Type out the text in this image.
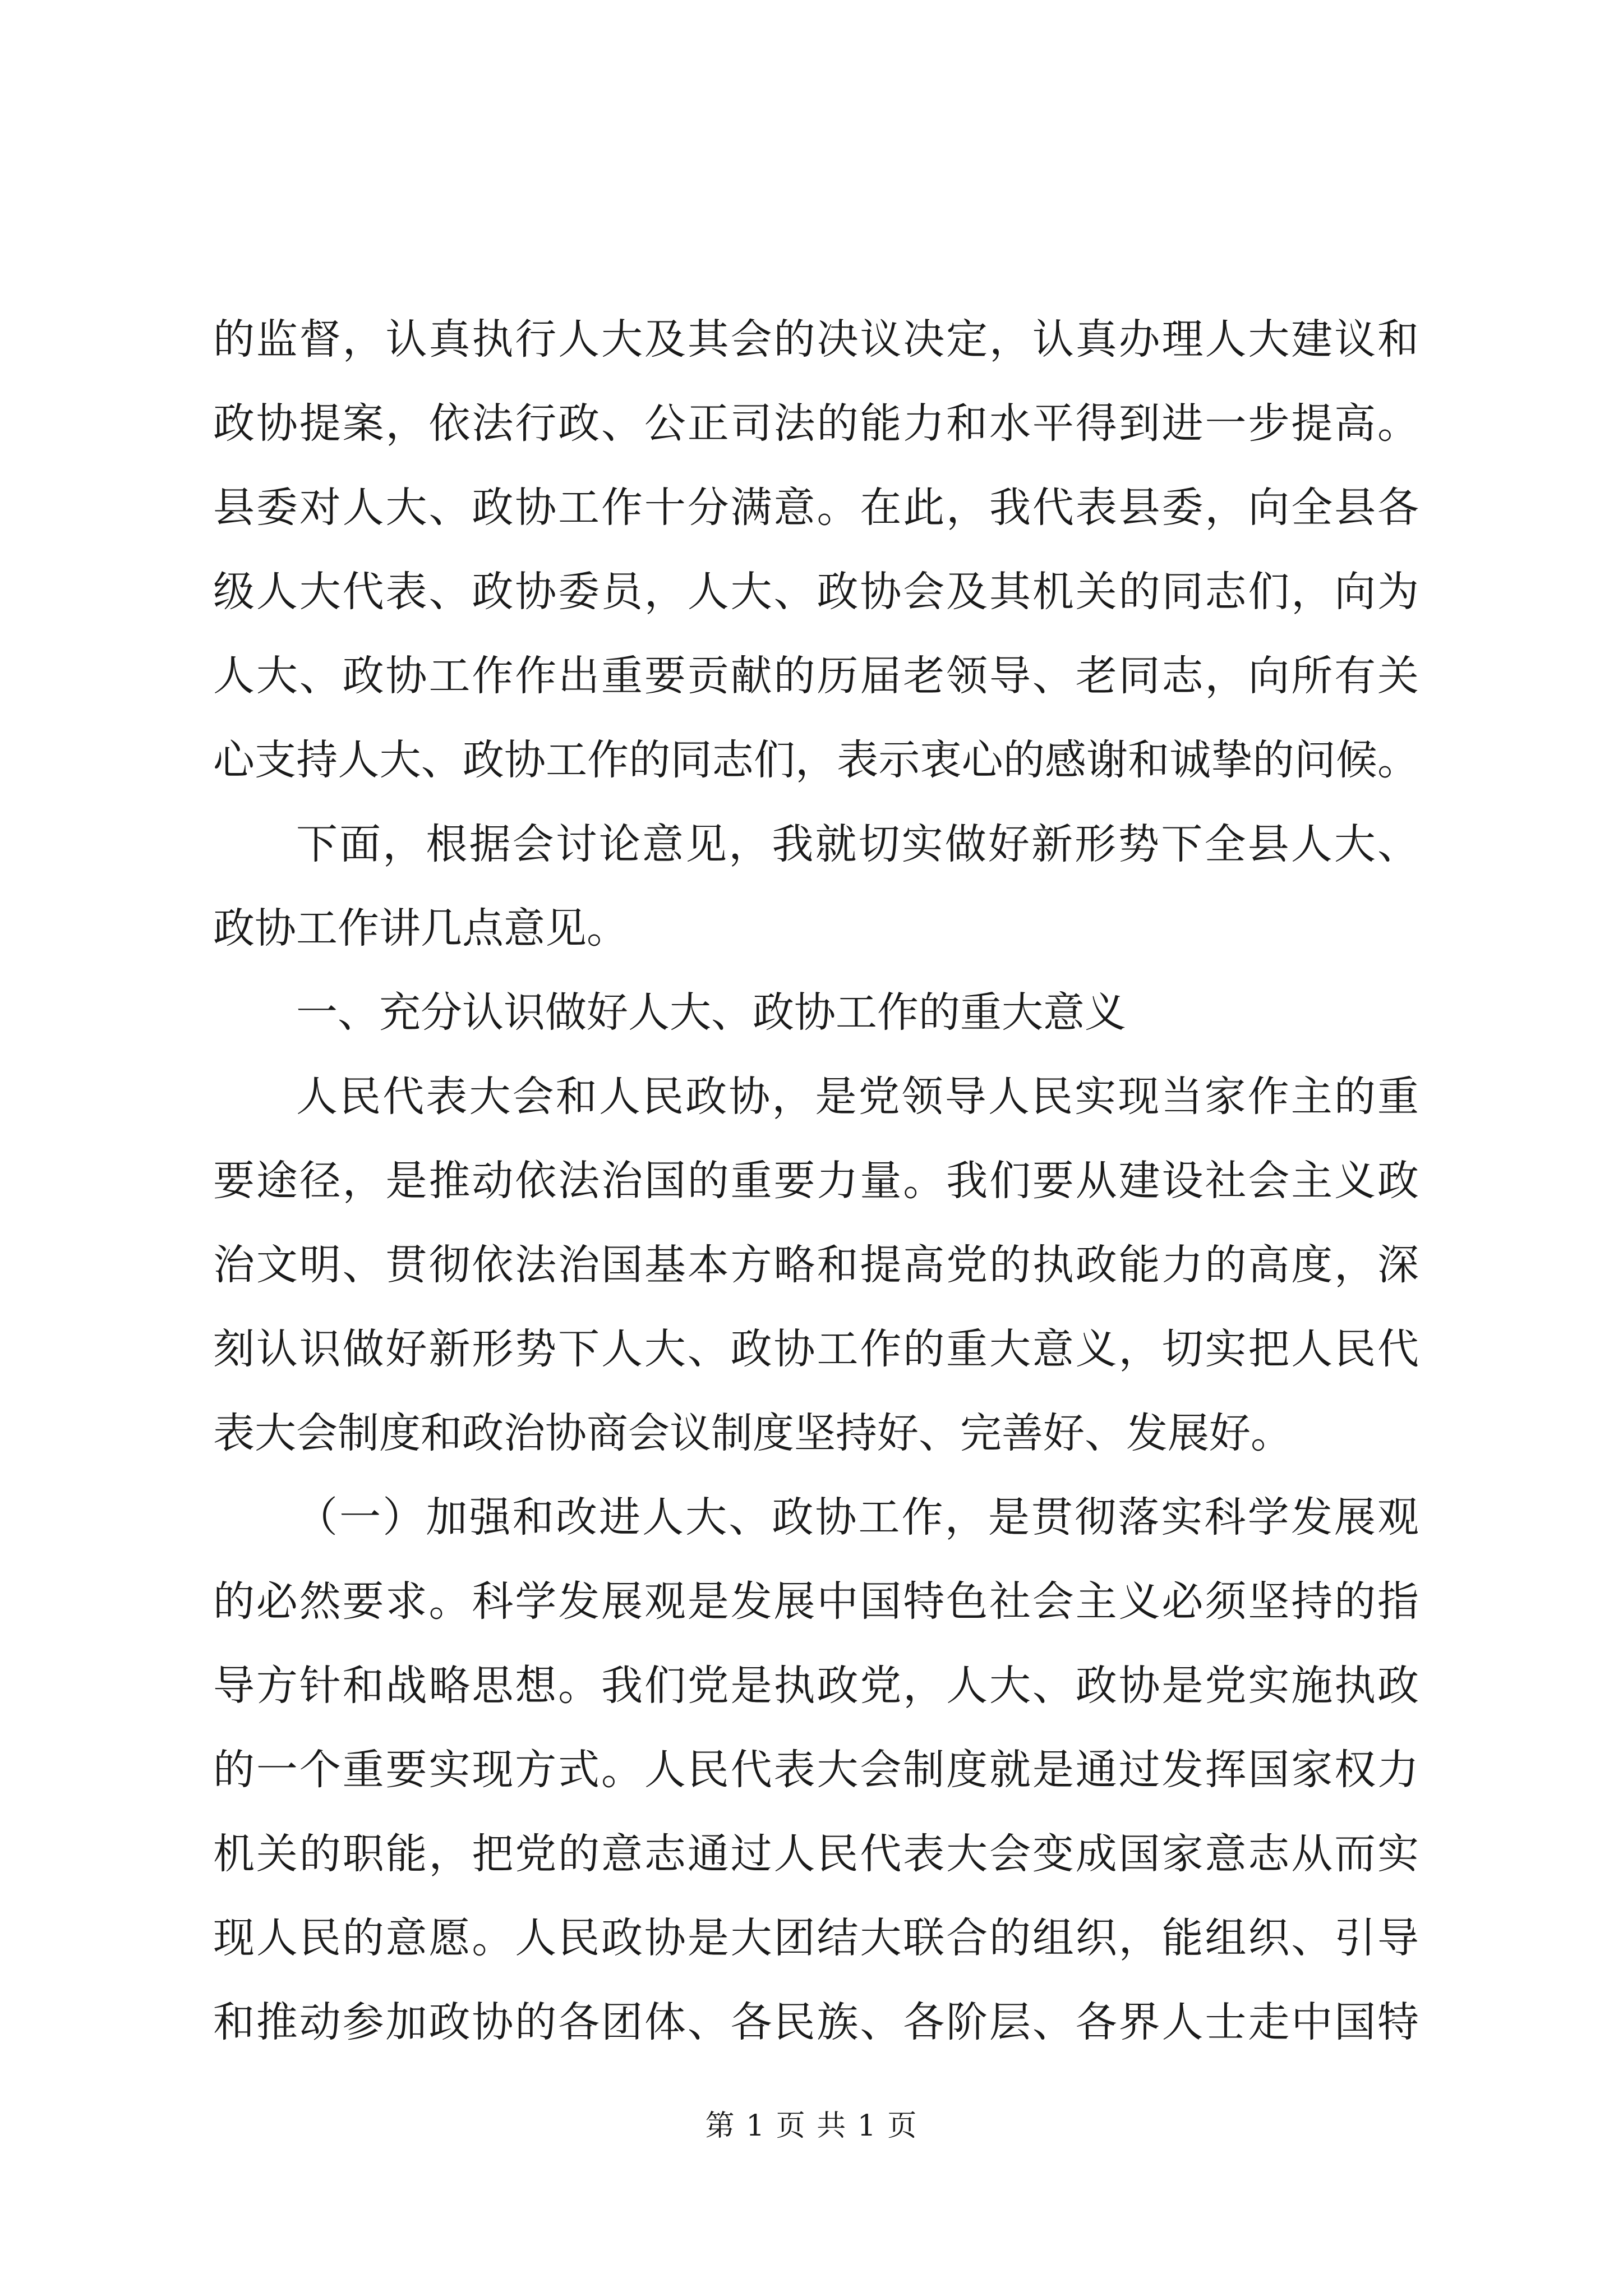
的监督，认真执行人大及其会的决议决定，认真办理人大建议和
政协提案，依法行政、公正司法的能力和水平得到进一步提高。
县委对人大、政协工作十分满意。在此，我代表县委，向全县各
级人大代表、政协委员，人大、政协会及其机关的同志们，向为
人大、政协工作作出重要贡献的历届老领导、老同志，向所有关
心支持人大、政协工作的同志们，表示衷心的感谢和诚挚的问候。
下面，根据会讨论意见，我就切实做好新形势下全县人大、
政协工作讲几点意见。
一、充分认识做好人大、政协工作的重大意义
人民代表大会和人民政协，是党领导人民实现当家作主的重
要途径，是推动依法治国的重要力量。我们要从建设社会主义政
治文明、贯彻依法治国基本方略和提高党的执政能力的高度，深
刻认识做好新形势下人大、政协工作的重大意义，切实把人民代
表大会制度和政治协商会议制度坚持好、完善好、发展好。
（一）加强和改进人大、政协工作，是贯彻落实科学发展观
的必然要求。科学发展观是发展中国特色社会主义必须坚持的指
导方针和战略思想。我们党是执政党，人大、政协是党实施执政
的一个重要实现方式。人民代表大会制度就是通过发挥国家权力
机关的职能，把党的意志通过人民代表大会变成国家意志从而实
现人民的意愿。人民政协是大团结大联合的组织，能组织、引导
和推动参加政协的各团体、各民族、各阶层、各界人士走中国特
第 1 页 共 1 页
